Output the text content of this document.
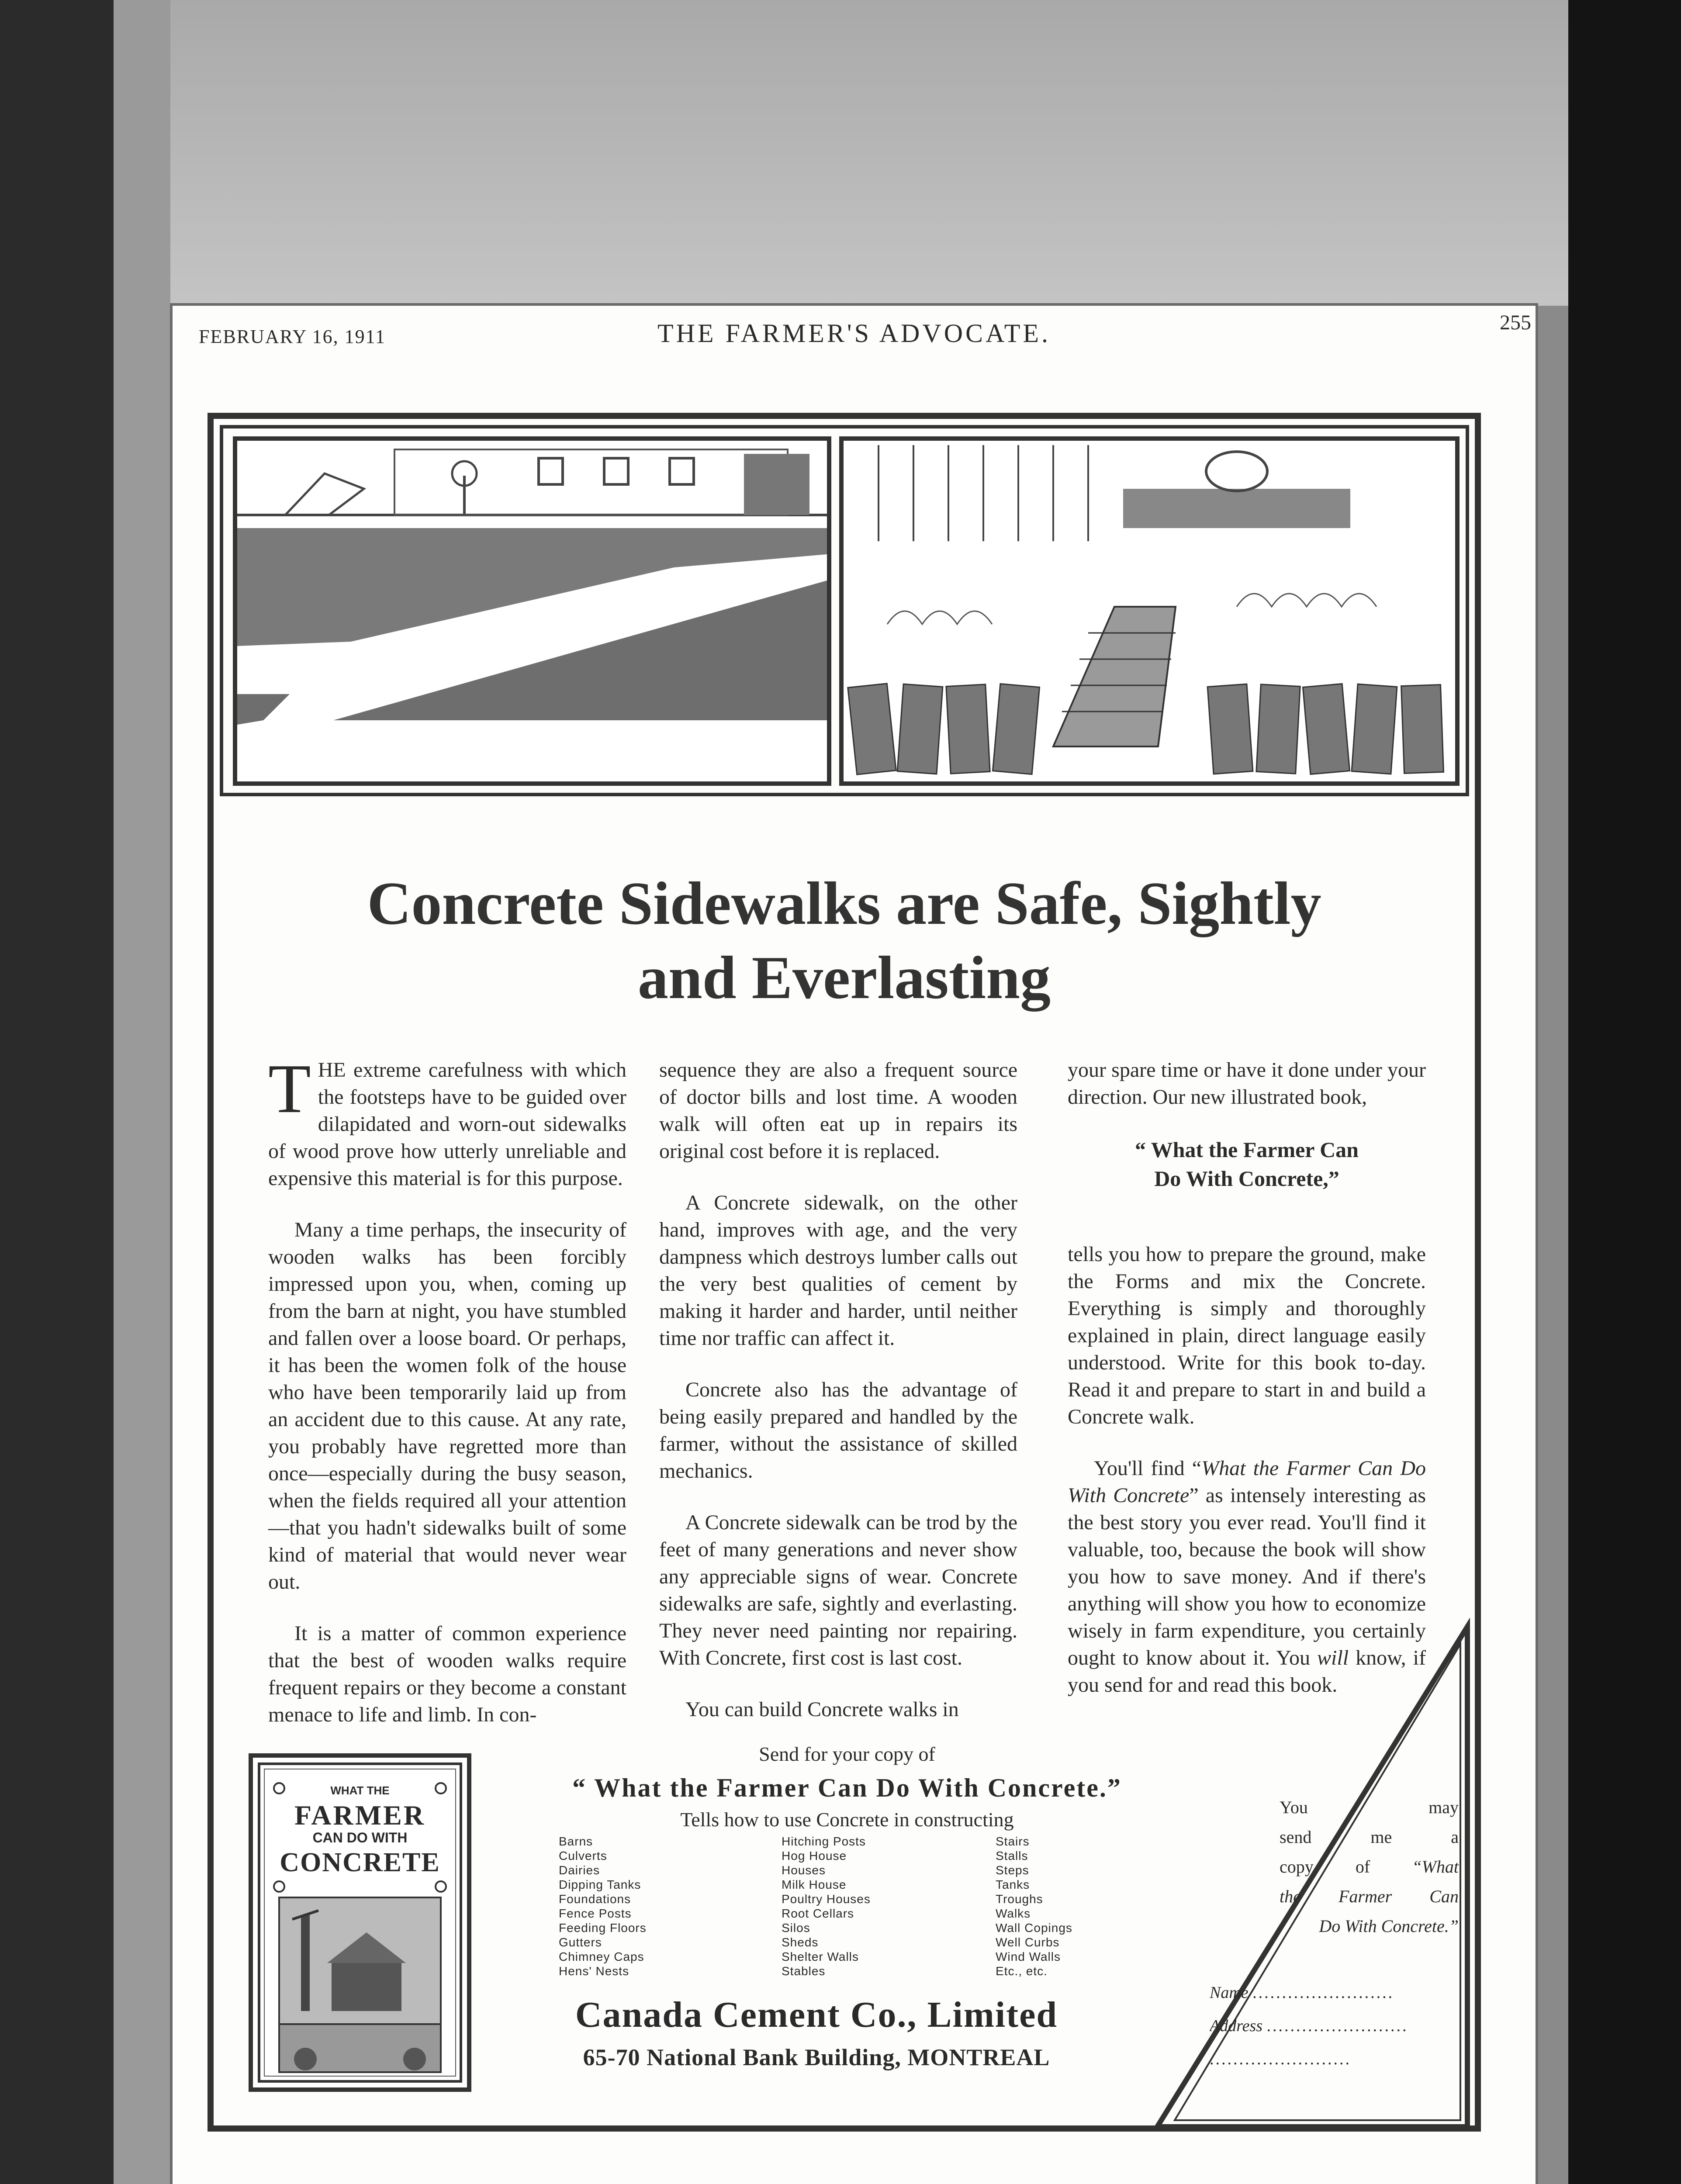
FEBRUARY 16, 1911	THE FARMER'S ADVOCATE.	255
Concrete Sidewalks are Safe, Sightly
and Everlasting

THE extreme carefulness with which the footsteps have to be guided over dilapidated and worn-out sidewalks of wood prove how utterly unreliable and expensive this material is for this purpose.

Many a time perhaps, the insecurity of wooden walks has been forcibly impressed upon you, when, coming up from the barn at night, you have stumbled and fallen over a loose board. Or perhaps, it has been the women folk of the house who have been temporarily laid up from an accident due to this cause. At any rate, you probably have regretted more than once—especially during the busy season, when the fields required all your attention—that you hadn't sidewalks built of some kind of material that would never wear out.

It is a matter of common experience that the best of wooden walks require frequent repairs or they become a constant menace to life and limb. In con-

sequence they are also a frequent source of doctor bills and lost time. A wooden walk will often eat up in repairs its original cost before it is replaced.

A Concrete sidewalk, on the other hand, improves with age, and the very dampness which destroys lumber calls out the very best qualities of cement by making it harder and harder, until neither time nor traffic can affect it.

Concrete also has the advantage of being easily prepared and handled by the farmer, without the assistance of skilled mechanics.

A Concrete sidewalk can be trod by the feet of many generations and never show any appreciable signs of wear. Concrete sidewalks are safe, sightly and everlasting. They never need painting nor repairing. With Concrete, first cost is last cost.

You can build Concrete walks in

your spare time or have it done under your direction. Our new illustrated book,

“ What the Farmer Can
Do With Concrete,”

tells you how to prepare the ground, make the Forms and mix the Concrete. Everything is simply and thoroughly explained in plain, direct language easily understood. Write for this book to-day. Read it and prepare to start in and build a Concrete walk.

You'll find “What the Farmer Can Do With Concrete” as intensely interesting as the best story you ever read. You'll find it valuable, too, because the book will show you how to save money. And if there's anything will show you how to economize wisely in farm expenditure, you certainly ought to know about it. You will know, if you send for and read this book.

Send for your copy of
“ What the Farmer Can Do With Concrete.”
Tells how to use Concrete in constructing
Barns
Culverts
Dairies
Dipping Tanks
Foundations
Fence Posts
Feeding Floors
Gutters
Chimney Caps
Hens' Nests
Hitching Posts
Hog House
Houses
Milk House
Poultry Houses
Root Cellars
Silos
Sheds
Shelter Walls
Stables
Stairs
Stalls
Steps
Tanks
Troughs
Walks
Wall Copings
Well Curbs
Wind Walls
Etc., etc.
WHAT THE
FARMER
CAN DO WITH
CONCRETE
Canada Cement Co., Limited
65-70 National Bank Building, MONTREAL
You may
send me a
copy of “What
the Farmer Can
Do With Concrete.”
Name ........................
Address ........................
........................
